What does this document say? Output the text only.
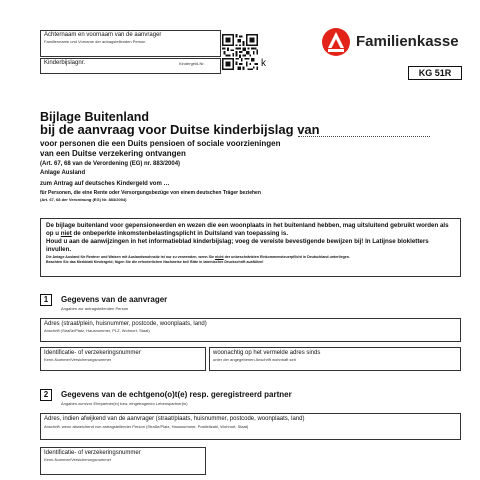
Achternaam en voornaam van de aanvrager
Familienname und Vorname der antragstellenden Person
Kinderbijslagnr.	Kindergeld-Nr.	k
Familienkasse
KG 51R
Bijlage Buitenland
bij de aanvraag voor Duitse kinderbijslag van
voor personen die een Duits pensioen of sociale voorzieningen
van een Duitse verzekering ontvangen
(Art. 67, 68 van de Verordening (EG) nr. 883/2004)
Anlage Ausland
zum Antrag auf deutsches Kindergeld vom …
für Personen, die eine Rente oder Versorgungsbezüge von einem deutschen Träger beziehen
(Art. 67, 68 der Verordnung (EG) Nr. 883/2004)

De bijlage buitenland voor gepensioneerden en wezen die een woonplaats in het buitenland hebben, mag uitsluitend gebruikt worden als op u niet de onbeperkte inkomstenbelastingsplicht in Duitsland van toepassing is.

Houd u aan de aanwijzingen in het informatieblad kinderbijslag; voeg de vereiste bevestigende bewijzen bij! In Latijnse blokletters invullen.

Die Anlage Ausland für Rentner und Waisen mit Auslandswohnsitz ist nur zu verwenden, wenn Sie nicht der unbeschränkten Einkommensteuerpflicht in Deutschland unterliegen.

Beachten Sie das Merkblatt Kindergeld; fügen Sie die erforderlichen Nachweise bei! Bitte in lateinischer Druckschrift ausfüllen!

1	Gegevens van de aanvrager
Angaben zur antragstellenden Person
Adres (straat/plein, huisnummer, postcode, woonplaats, land)
Anschrift (Straße/Platz, Hausnummer, PLZ, Wohnort, Staat)
Identificatie- of verzekeringsnummer
Kenn-Nummer/Versicherungsnummer
woonachtig op het vermelde adres sinds
unter der angegebenen Anschrift wohnhaft seit
2	Gegevens van de echtgeno(o)t(e) resp. geregistreerd partner
Angaben zum/zur Ehepartner(in) bzw. eingetragenen Lebenspartner(in)
Adres, indien afwijkend van de aanvrager (straat/plaats, huisnummer, postcode, woonplaats, land)
Anschrift, wenn abweichend von antragstellender Person (Straße/Platz, Hausnummer, Postleitzahl, Wohnort, Staat)
Identificatie- of verzekeringsnummer
Kenn-Nummer/Versicherungsnummer
